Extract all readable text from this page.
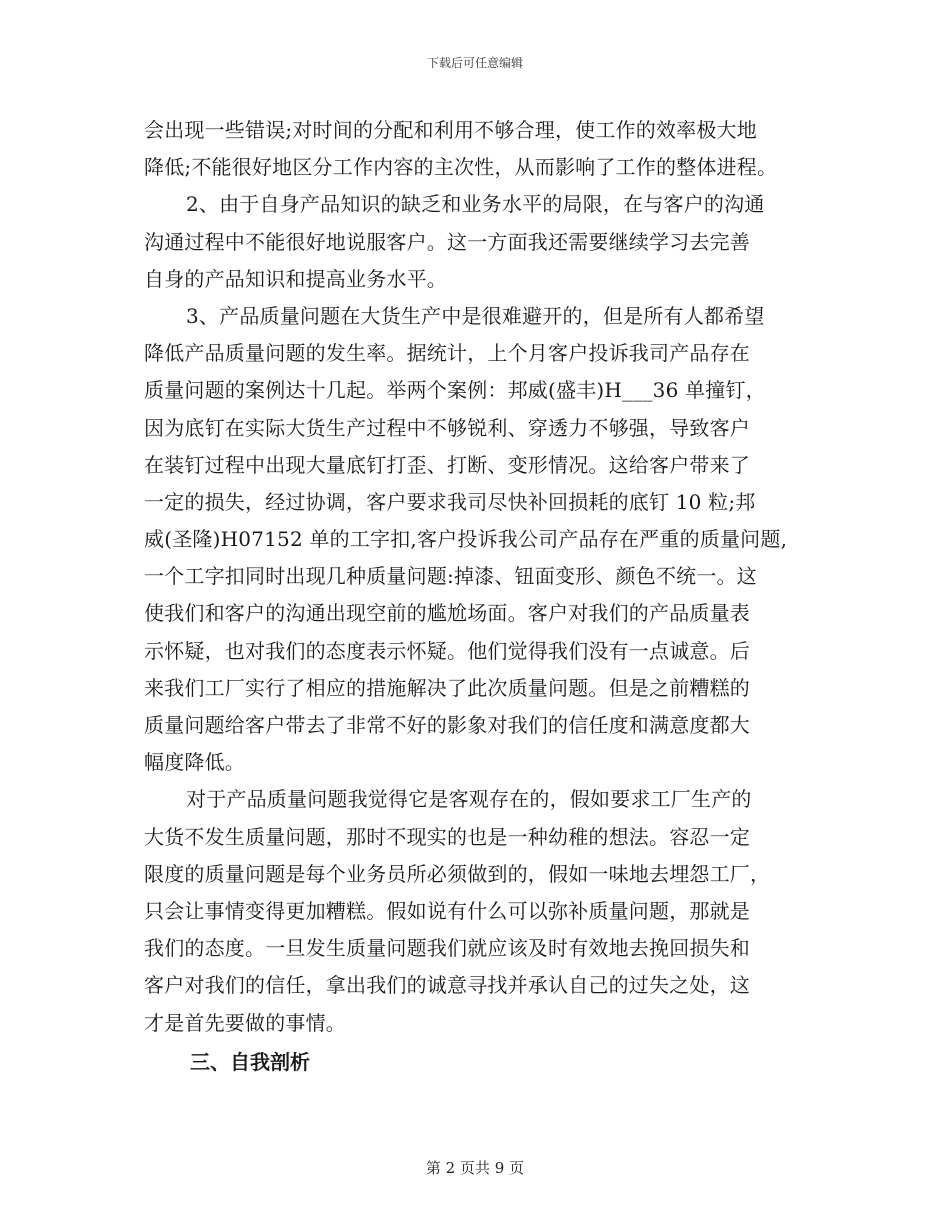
下载后可任意编辑
会出现一些错误;对时间的分配和利用不够合理，使工作的效率极大地
降低;不能很好地区分工作内容的主次性，从而影响了工作的整体进程。
2、由于自身产品知识的缺乏和业务水平的局限，在与客户的沟通
沟通过程中不能很好地说服客户。这一方面我还需要继续学习去完善
自身的产品知识和提高业务水平。
3、产品质量问题在大货生产中是很难避开的，但是所有人都希望
降低产品质量问题的发生率。据统计，上个月客户投诉我司产品存在
质量问题的案例达十几起。举两个案例：邦威(盛丰)H___36 单撞钉，
因为底钉在实际大货生产过程中不够锐利、穿透力不够强，导致客户
在装钉过程中出现大量底钉打歪、打断、变形情况。这给客户带来了
一定的损失，经过协调，客户要求我司尽快补回损耗的底钉 10 粒;邦
威(圣隆)H07152 单的工字扣,客户投诉我公司产品存在严重的质量问题,
一个工字扣同时出现几种质量问题:掉漆、钮面变形、颜色不统一。这
使我们和客户的沟通出现空前的尴尬场面。客户对我们的产品质量表
示怀疑，也对我们的态度表示怀疑。他们觉得我们没有一点诚意。后
来我们工厂实行了相应的措施解决了此次质量问题。但是之前糟糕的
质量问题给客户带去了非常不好的影象对我们的信任度和满意度都大
幅度降低。
对于产品质量问题我觉得它是客观存在的，假如要求工厂生产的
大货不发生质量问题，那时不现实的也是一种幼稚的想法。容忍一定
限度的质量问题是每个业务员所必须做到的，假如一味地去埋怨工厂，
只会让事情变得更加糟糕。假如说有什么可以弥补质量问题，那就是
我们的态度。一旦发生质量问题我们就应该及时有效地去挽回损失和
客户对我们的信任，拿出我们的诚意寻找并承认自己的过失之处，这
才是首先要做的事情。
三、自我剖析
第 2 页共 9 页
